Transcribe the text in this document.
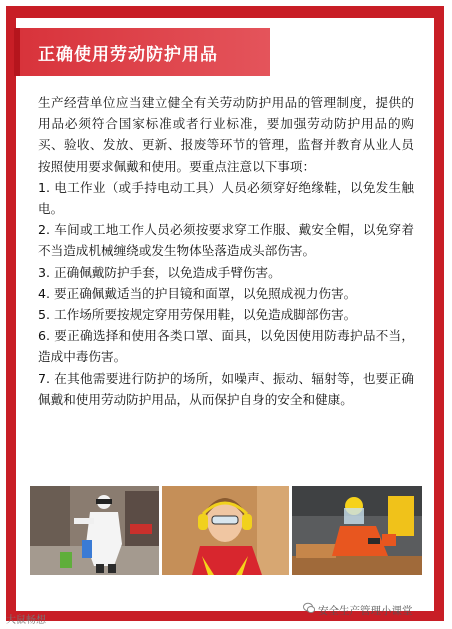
正确使用劳动防护用品

生产经营单位应当建立健全有关劳动防护用品的管理制度，提供的用品必须符合国家标准或者行业标准，要加强劳动防护用品的购买、验收、发放、更新、报废等环节的管理，监督并教育从业人员按照使用要求佩戴和使用。要重点注意以下事项：

1. 电工作业（或手持电动工具）人员必须穿好绝缘鞋，以免发生触电。

2. 车间或工地工作人员必须按要求穿工作服、戴安全帽，以免穿着不当造成机械缠绕或发生物体坠落造成头部伤害。

3. 正确佩戴防护手套，以免造成手臂伤害。

4. 要正确佩戴适当的护目镜和面罩，以免照成视力伤害。

5. 工作场所要按规定穿用劳保用鞋，以免造成脚部伤害。

6. 要正确选择和使用各类口罩、面具，以免因使用防毒护品不当，造成中毒伤害。

7. 在其他需要进行防护的场所，如噪声、振动、辐射等，也要正确佩戴和使用劳动防护用品，从而保护自身的安全和健康。

大鼠畅想
安全生产管理小课堂
